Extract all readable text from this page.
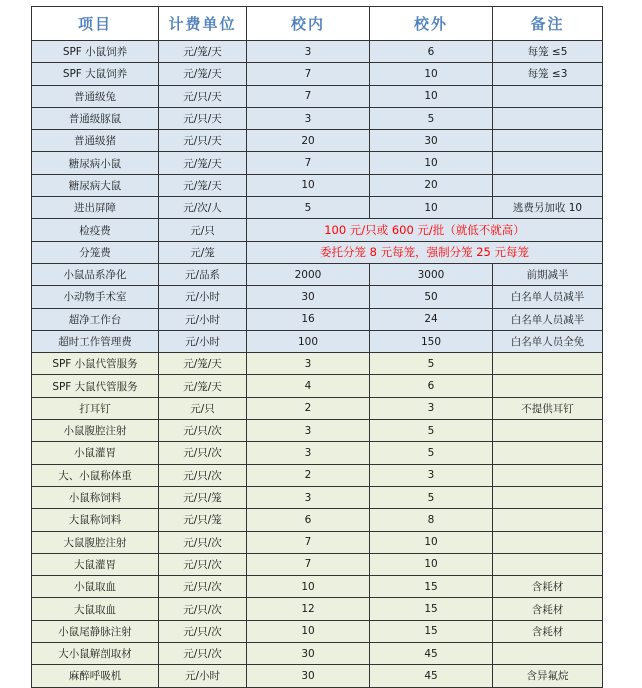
项目	计费单位	校内	校外	备注
SPF 小鼠饲养	元/笼/天	3	6	每笼 ≤5
SPF 大鼠饲养	元/笼/天	7	10	每笼 ≤3
普通级兔	元/只/天	7	10	
普通级豚鼠	元/只/天	3	5	
普通级猪	元/只/天	20	30	
糖尿病小鼠	元/笼/天	7	10	
糖尿病大鼠	元/笼/天	10	20	
进出屏障	元/次/人	5	10	逃费另加收 10
检疫费	元/只	100 元/只或 600 元/批（就低不就高）		
分笼费	元/笼	委托分笼 8 元每笼，强制分笼 25 元每笼		
小鼠品系净化	元/品系	2000	3000	前期减半
小动物手术室	元/小时	30	50	白名单人员减半
超净工作台	元/小时	16	24	白名单人员减半
超时工作管理费	元/小时	100	150	白名单人员全免
SPF 小鼠代管服务	元/笼/天	3	5	
SPF 大鼠代管服务	元/笼/天	4	6	
打耳钉	元/只	2	3	不提供耳钉
小鼠腹腔注射	元/只/次	3	5	
小鼠灌胃	元/只/次	3	5	
大、小鼠称体重	元/只/次	2	3	
小鼠称饲料	元/只/笼	3	5	
大鼠称饲料	元/只/笼	6	8	
大鼠腹腔注射	元/只/次	7	10	
大鼠灌胃	元/只/次	7	10	
小鼠取血	元/只/次	10	15	含耗材
大鼠取血	元/只/次	12	15	含耗材
小鼠尾静脉注射	元/只/次	10	15	含耗材
大小鼠解剖取材	元/只/次	30	45	
麻醉呼吸机	元/小时	30	45	含异氟烷
